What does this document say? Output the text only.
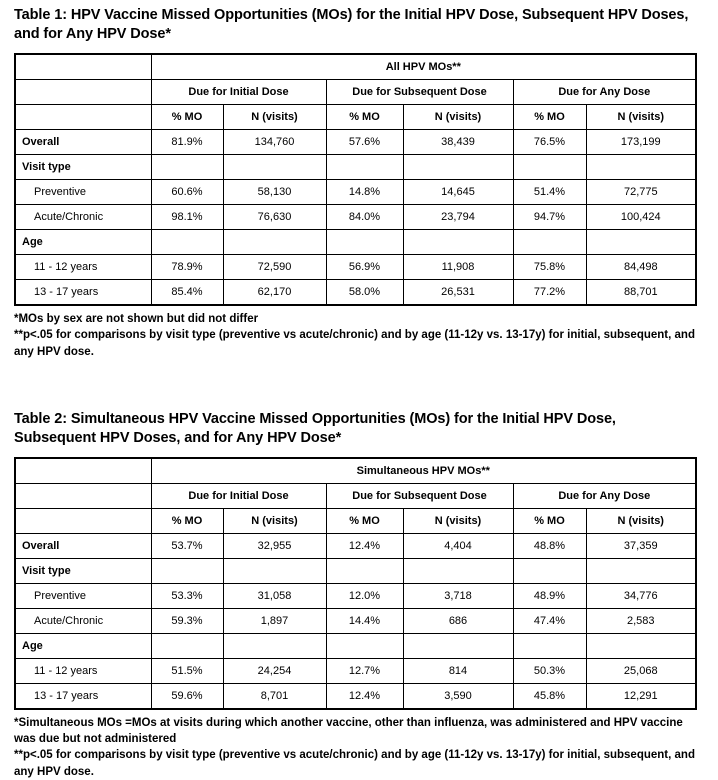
Table 1: HPV Vaccine Missed Opportunities (MOs) for the Initial HPV Dose, Subsequent HPV Doses, and for Any HPV Dose*
	All HPV MOs**					
	Due for Initial Dose		Due for Subsequent Dose		Due for Any Dose	
	% MO	N (visits)	% MO	N (visits)	% MO	N (visits)
Overall	81.9%	134,760	57.6%	38,439	76.5%	173,199
Visit type						
Preventive	60.6%	58,130	14.8%	14,645	51.4%	72,775
Acute/Chronic	98.1%	76,630	84.0%	23,794	94.7%	100,424
Age						
11 - 12 years	78.9%	72,590	56.9%	11,908	75.8%	84,498
13 - 17 years	85.4%	62,170	58.0%	26,531	77.2%	88,701

*MOs by sex are not shown but did not differ

**p<.05 for comparisons by visit type (preventive vs acute/chronic) and by age (11-12y vs. 13-17y) for initial, subsequent, and any HPV dose.

Table 2: Simultaneous HPV Vaccine Missed Opportunities (MOs) for the Initial HPV Dose, Subsequent HPV Doses, and for Any HPV Dose*
	Simultaneous HPV MOs**					
	Due for Initial Dose		Due for Subsequent Dose		Due for Any Dose	
	% MO	N (visits)	% MO	N (visits)	% MO	N (visits)
Overall	53.7%	32,955	12.4%	4,404	48.8%	37,359
Visit type						
Preventive	53.3%	31,058	12.0%	3,718	48.9%	34,776
Acute/Chronic	59.3%	1,897	14.4%	686	47.4%	2,583
Age						
11 - 12 years	51.5%	24,254	12.7%	814	50.3%	25,068
13 - 17 years	59.6%	8,701	12.4%	3,590	45.8%	12,291

*Simultaneous MOs =MOs at visits during which another vaccine, other than influenza, was administered and HPV vaccine was due but not administered

**p<.05 for comparisons by visit type (preventive vs acute/chronic) and by age (11-12y vs. 13-17y) for initial, subsequent, and any HPV dose.
